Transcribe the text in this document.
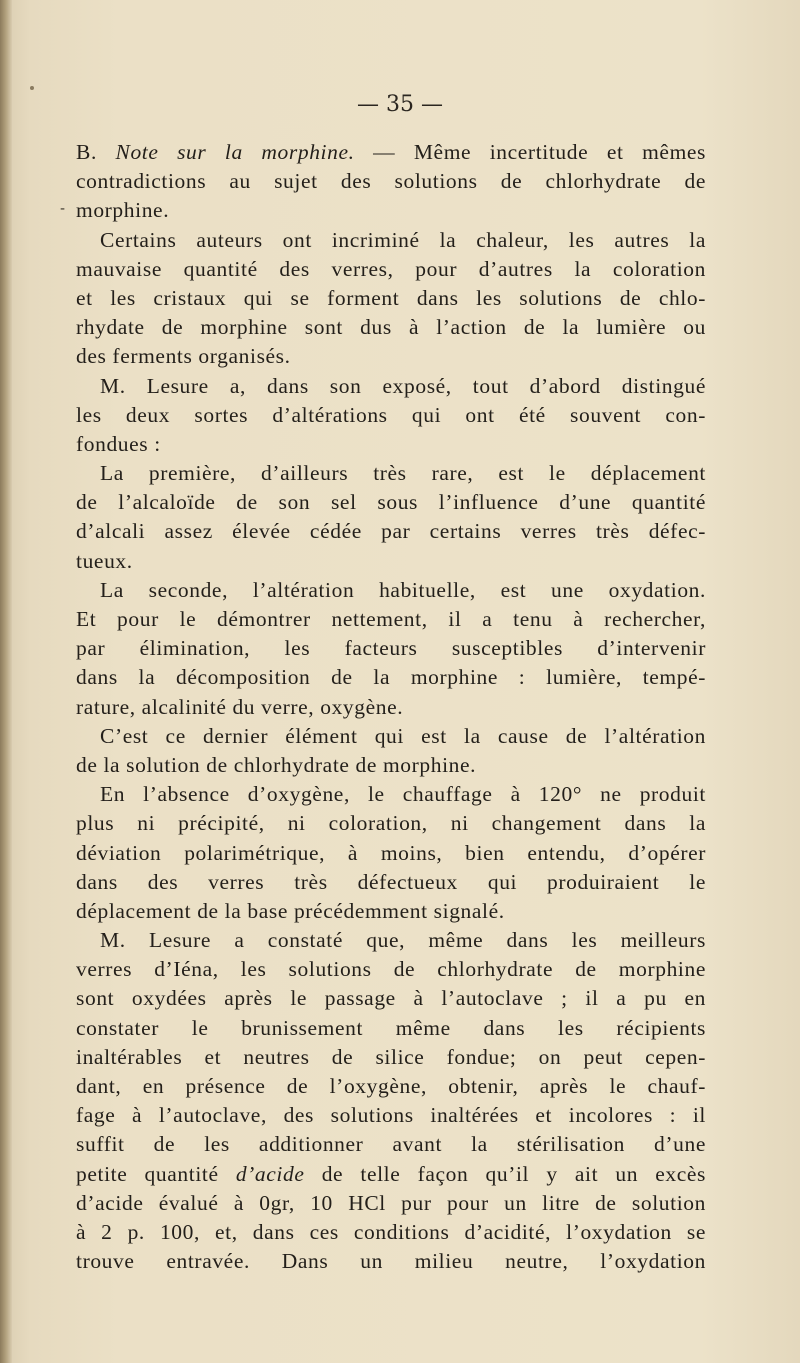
— 35 —
-
B. Note sur la morphine. — Même incertitude et mêmes
contradictions au sujet des solutions de chlorhydrate de
morphine.
Certains auteurs ont incriminé la chaleur, les autres la
mauvaise quantité des verres, pour d’autres la coloration
et les cristaux qui se forment dans les solutions de chlo-
rhydate de morphine sont dus à l’action de la lumière ou
des ferments organisés.
M. Lesure a, dans son exposé, tout d’abord distingué
les deux sortes d’altérations qui ont été souvent con-
fondues :
La première, d’ailleurs très rare, est le déplacement
de l’alcaloïde de son sel sous l’influence d’une quantité
d’alcali assez élevée cédée par certains verres très défec-
tueux.
La seconde, l’altération habituelle, est une oxydation.
Et pour le démontrer nettement, il a tenu à rechercher,
par élimination, les facteurs susceptibles d’intervenir
dans la décomposition de la morphine : lumière, tempé-
rature, alcalinité du verre, oxygène.
C’est ce dernier élément qui est la cause de l’altération
de la solution de chlorhydrate de morphine.
En l’absence d’oxygène, le chauffage à 120° ne produit
plus ni précipité, ni coloration, ni changement dans la
déviation polarimétrique, à moins, bien entendu, d’opérer
dans des verres très défectueux qui produiraient le
déplacement de la base précédemment signalé.
M. Lesure a constaté que, même dans les meilleurs
verres d’Iéna, les solutions de chlorhydrate de morphine
sont oxydées après le passage à l’autoclave ; il a pu en
constater le brunissement même dans les récipients
inaltérables et neutres de silice fondue; on peut cepen-
dant, en présence de l’oxygène, obtenir, après le chauf-
fage à l’autoclave, des solutions inaltérées et incolores : il
suffit de les additionner avant la stérilisation d’une
petite quantité d’acide de telle façon qu’il y ait un excès
d’acide évalué à 0gr, 10 HCl pur pour un litre de solution
à 2 p. 100, et, dans ces conditions d’acidité, l’oxydation se
trouve entravée. Dans un milieu neutre, l’oxydation
